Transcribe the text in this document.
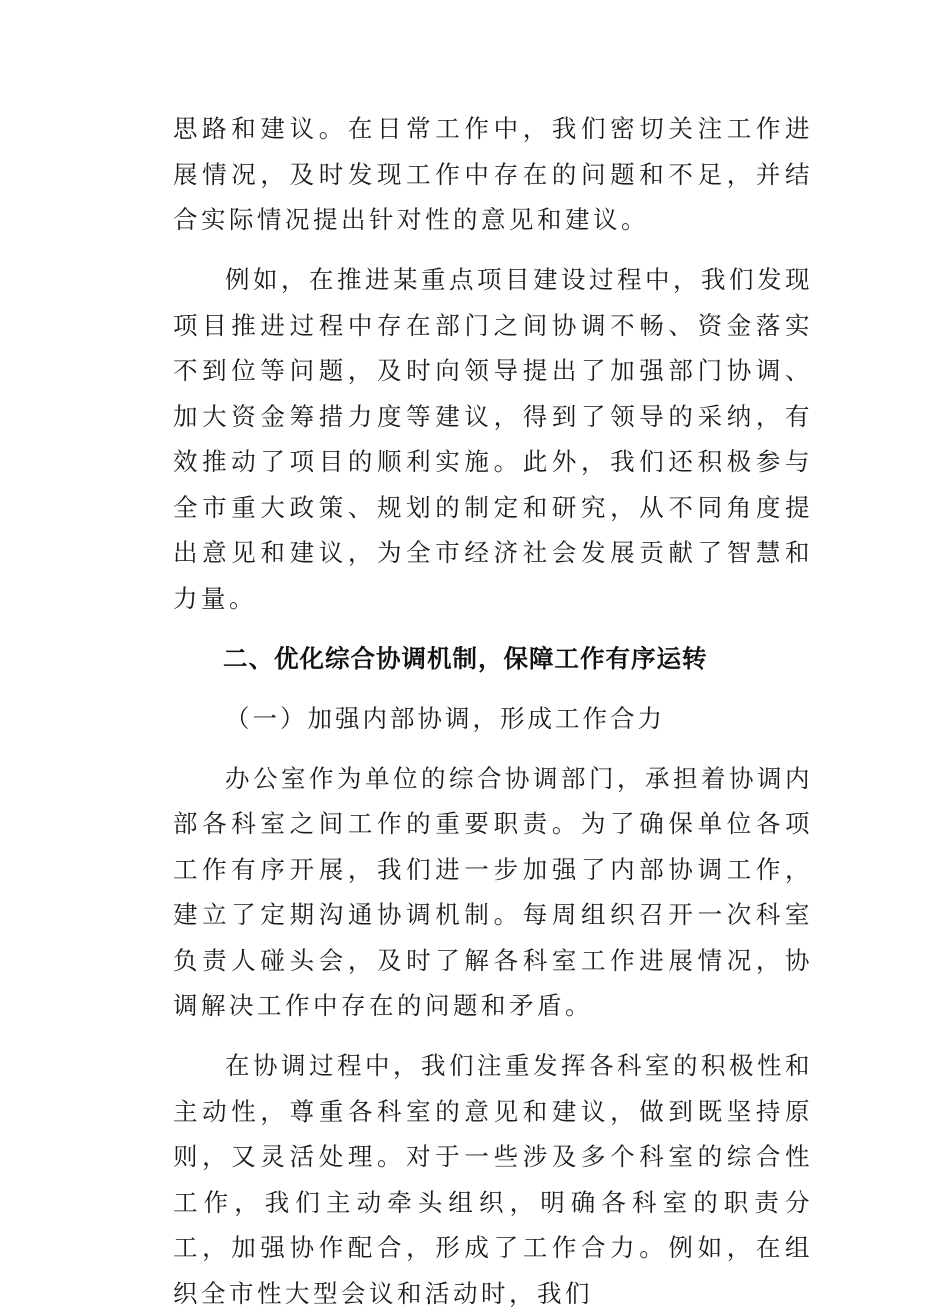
思路和建议。在日常工作中，我们密切关注工作进展情况，及时发现工作中存在的问题和不足，并结合实际情况提出针对性的意见和建议。

例如，在推进某重点项目建设过程中，我们发现项目推进过程中存在部门之间协调不畅、资金落实不到位等问题，及时向领导提出了加强部门协调、加大资金筹措力度等建议，得到了领导的采纳，有效推动了项目的顺利实施。此外，我们还积极参与全市重大政策、规划的制定和研究，从不同角度提出意见和建议，为全市经济社会发展贡献了智慧和力量。

二、优化综合协调机制，保障工作有序运转

（一）加强内部协调，形成工作合力

办公室作为单位的综合协调部门，承担着协调内部各科室之间工作的重要职责。为了确保单位各项工作有序开展，我们进一步加强了内部协调工作，建立了定期沟通协调机制。每周组织召开一次科室负责人碰头会，及时了解各科室工作进展情况，协调解决工作中存在的问题和矛盾。

在协调过程中，我们注重发挥各科室的积极性和主动性，尊重各科室的意见和建议，做到既坚持原则，又灵活处理。对于一些涉及多个科室的综合性工作，我们主动牵头组织，明确各科室的职责分工，加强协作配合，形成了工作合力。例如，在组织全市性大型会议和活动时，我们
